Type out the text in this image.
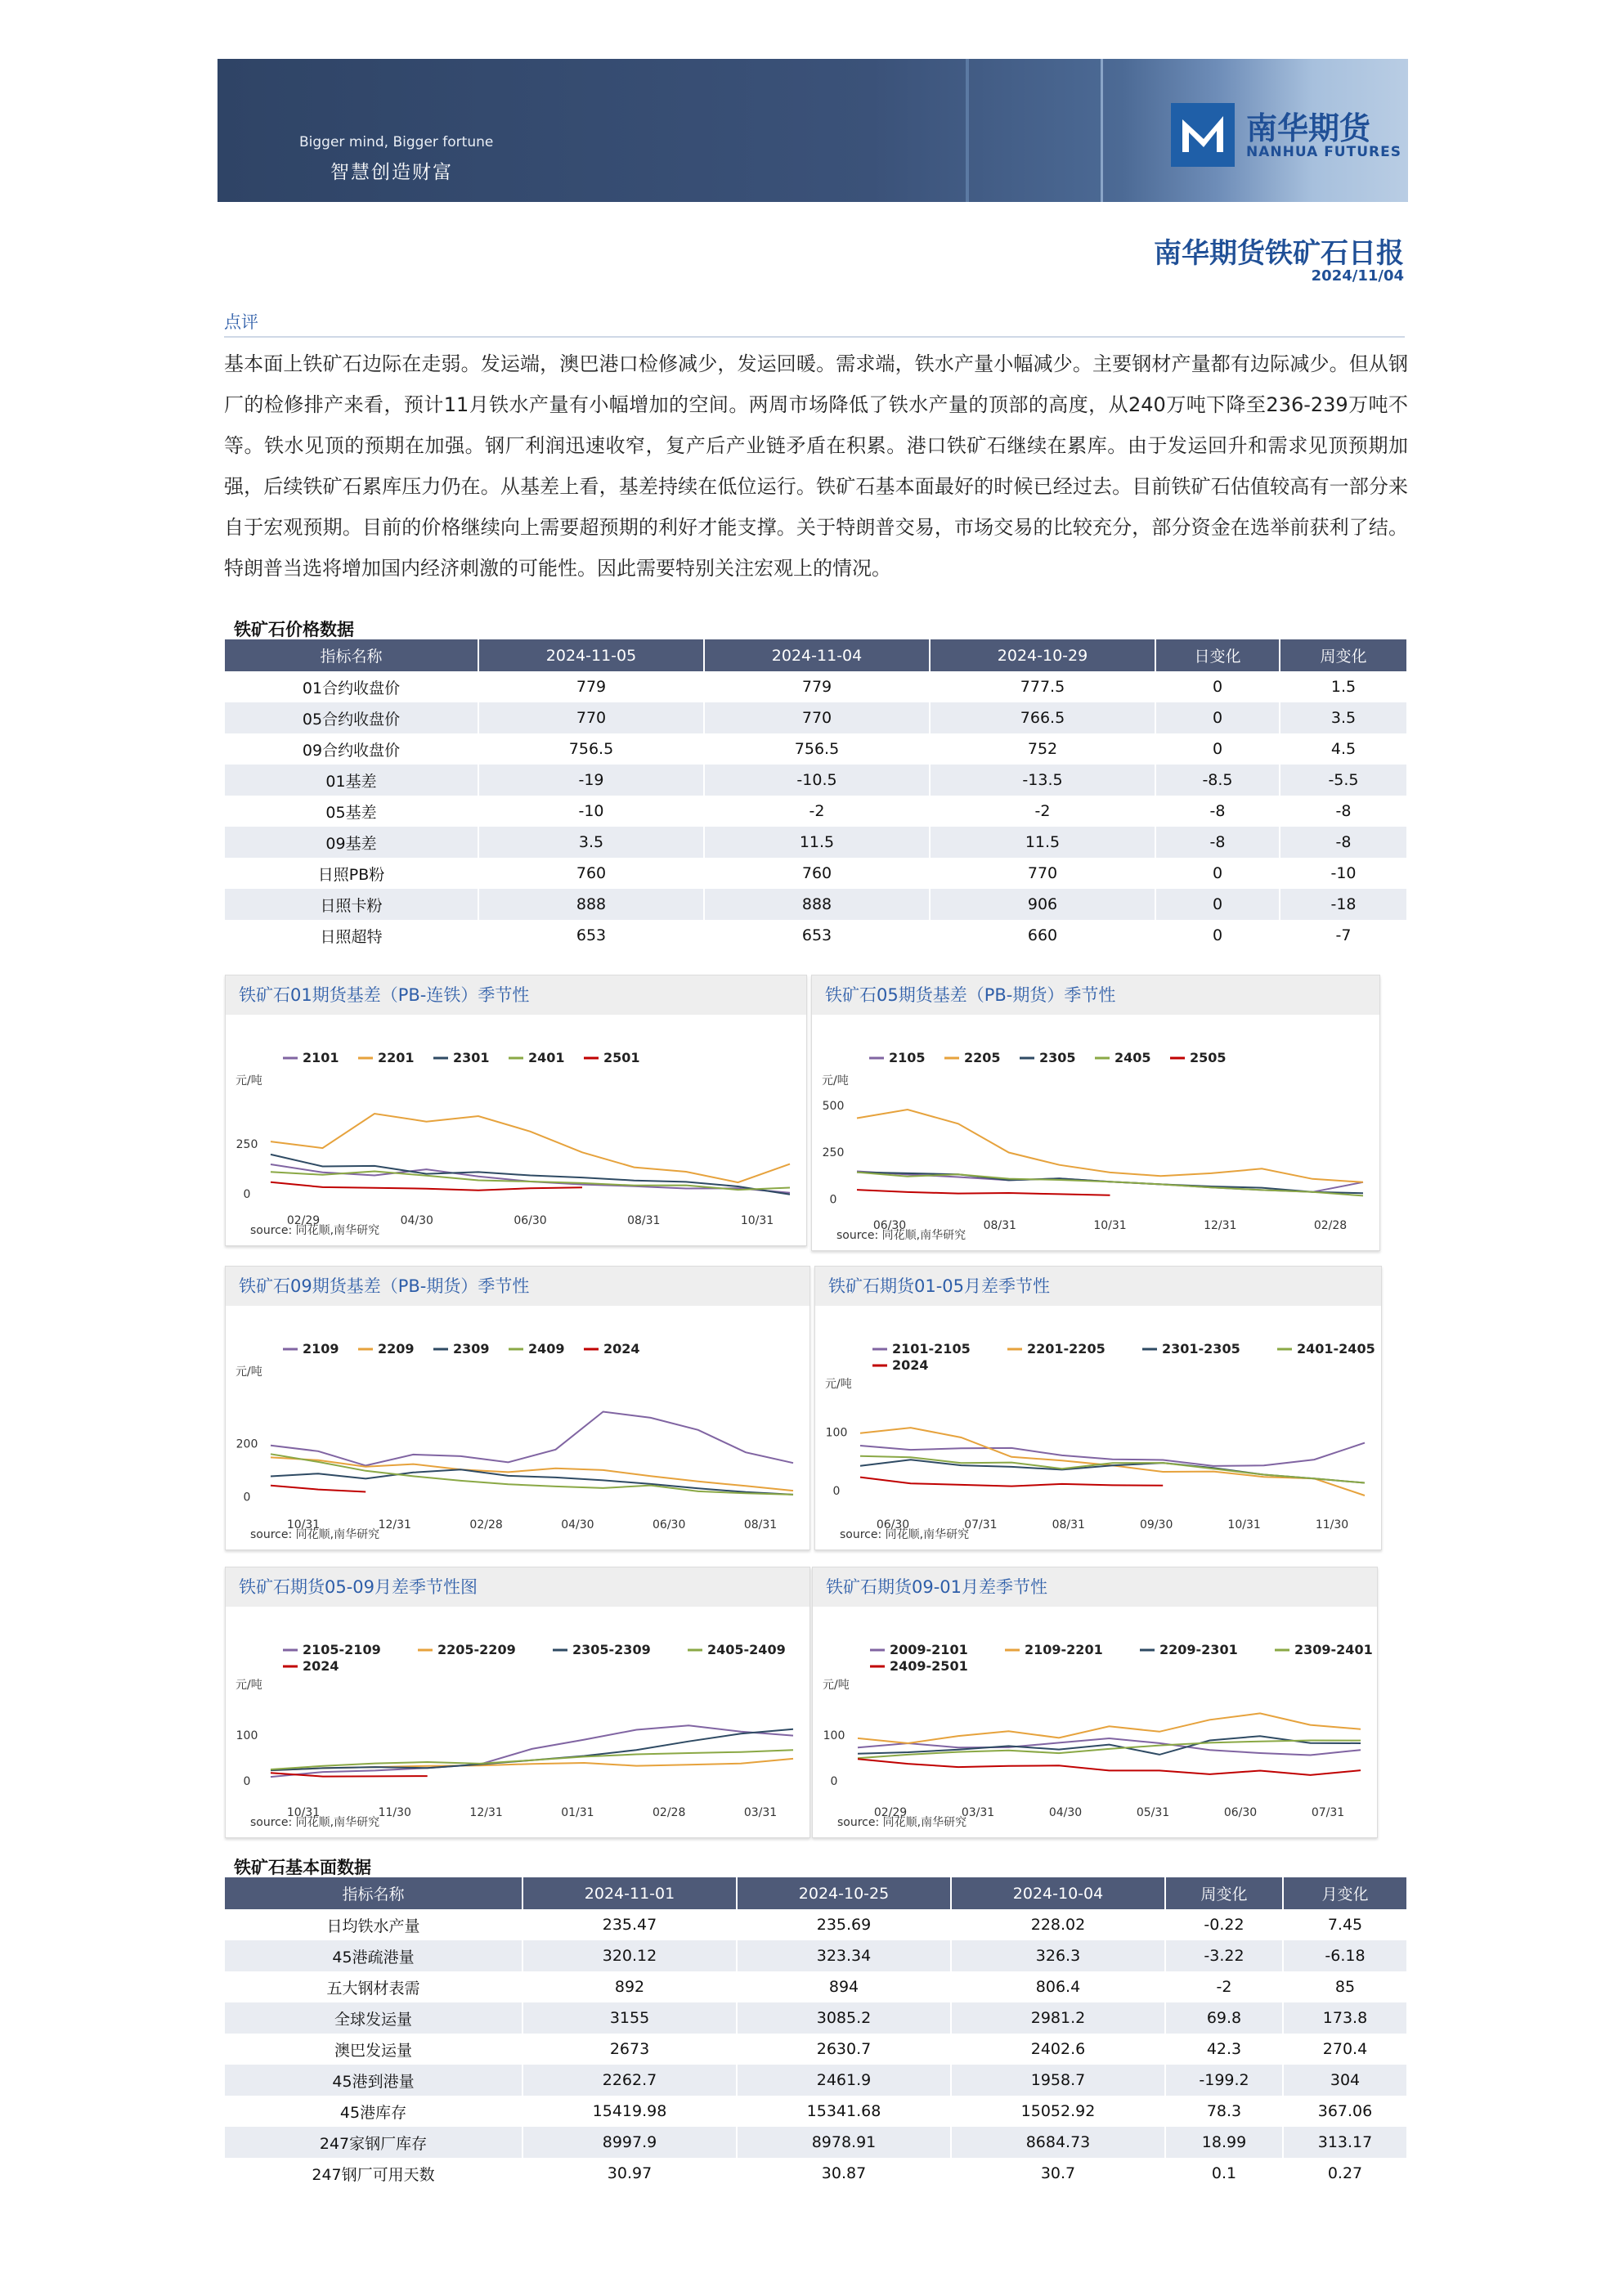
Bigger mind, Bigger fortune
智慧创造财富
南华期货
NANHUA FUTURES
南华期货铁矿石日报
2024/11/04
点评
基本面上铁矿石边际在走弱。发运端，澳巴港口检修减少，发运回暖。需求端，铁水产量小幅减少。主要钢材产量都有边际减少。但从钢厂的检修排产来看，预计11月铁水产量有小幅增加的空间。两周市场降低了铁水产量的顶部的高度，从240万吨下降至236-239万吨不等。铁水见顶的预期在加强。钢厂利润迅速收窄，复产后产业链矛盾在积累。港口铁矿石继续在累库。由于发运回升和需求见顶预期加强，后续铁矿石累库压力仍在。从基差上看，基差持续在低位运行。铁矿石基本面最好的时候已经过去。目前铁矿石估值较高有一部分来自于宏观预期。目前的价格继续向上需要超预期的利好才能支撑。关于特朗普交易，市场交易的比较充分，部分资金在选举前获利了结。特朗普当选将增加国内经济刺激的可能性。因此需要特别关注宏观上的情况。
铁矿石价格数据
指标名称	2024-11-05	2024-11-04	2024-10-29	日变化	周变化
01合约收盘价	779	779	777.5	0	1.5
05合约收盘价	770	770	766.5	0	3.5
09合约收盘价	756.5	756.5	752	0	4.5
01基差	-19	-10.5	-13.5	-8.5	-5.5
05基差	-10	-2	-2	-8	-8
09基差	3.5	11.5	11.5	-8	-8
日照PB粉	760	760	770	0	-10
日照卡粉	888	888	906	0	-18
日照超特	653	653	660	0	-7
铁矿石01期货基差（PB-连铁）季节性
2101	2201	2301	2401	2501
元/吨
0
250
02/29	04/30	06/30	08/31	10/31
source: 同花顺,南华研究
铁矿石05期货基差（PB-期货）季节性
2105	2205	2305	2405	2505
元/吨
0
250
500
06/30	08/31	10/31	12/31	02/28
source: 同花顺,南华研究
铁矿石09期货基差（PB-期货）季节性
2109	2209	2309	2409	2024
元/吨
0
200
10/31	12/31	02/28	04/30	06/30	08/31
source: 同花顺,南华研究
铁矿石期货01-05月差季节性
2101-2105	2201-2205	2301-2305	2401-2405
2024
元/吨
0
100
06/30	07/31	08/31	09/30	10/31	11/30
source: 同花顺,南华研究
铁矿石期货05-09月差季节性图
2105-2109	2205-2209	2305-2309	2405-2409
2024
元/吨
0
100
10/31	11/30	12/31	01/31	02/28	03/31
source: 同花顺,南华研究
铁矿石期货09-01月差季节性
2009-2101	2109-2201	2209-2301	2309-2401
2409-2501
元/吨
0
100
02/29	03/31	04/30	05/31	06/30	07/31
source: 同花顺,南华研究
铁矿石基本面数据
指标名称	2024-11-01	2024-10-25	2024-10-04	周变化	月变化
日均铁水产量	235.47	235.69	228.02	-0.22	7.45
45港疏港量	320.12	323.34	326.3	-3.22	-6.18
五大钢材表需	892	894	806.4	-2	85
全球发运量	3155	3085.2	2981.2	69.8	173.8
澳巴发运量	2673	2630.7	2402.6	42.3	270.4
45港到港量	2262.7	2461.9	1958.7	-199.2	304
45港库存	15419.98	15341.68	15052.92	78.3	367.06
247家钢厂库存	8997.9	8978.91	8684.73	18.99	313.17
247钢厂可用天数	30.97	30.87	30.7	0.1	0.27
